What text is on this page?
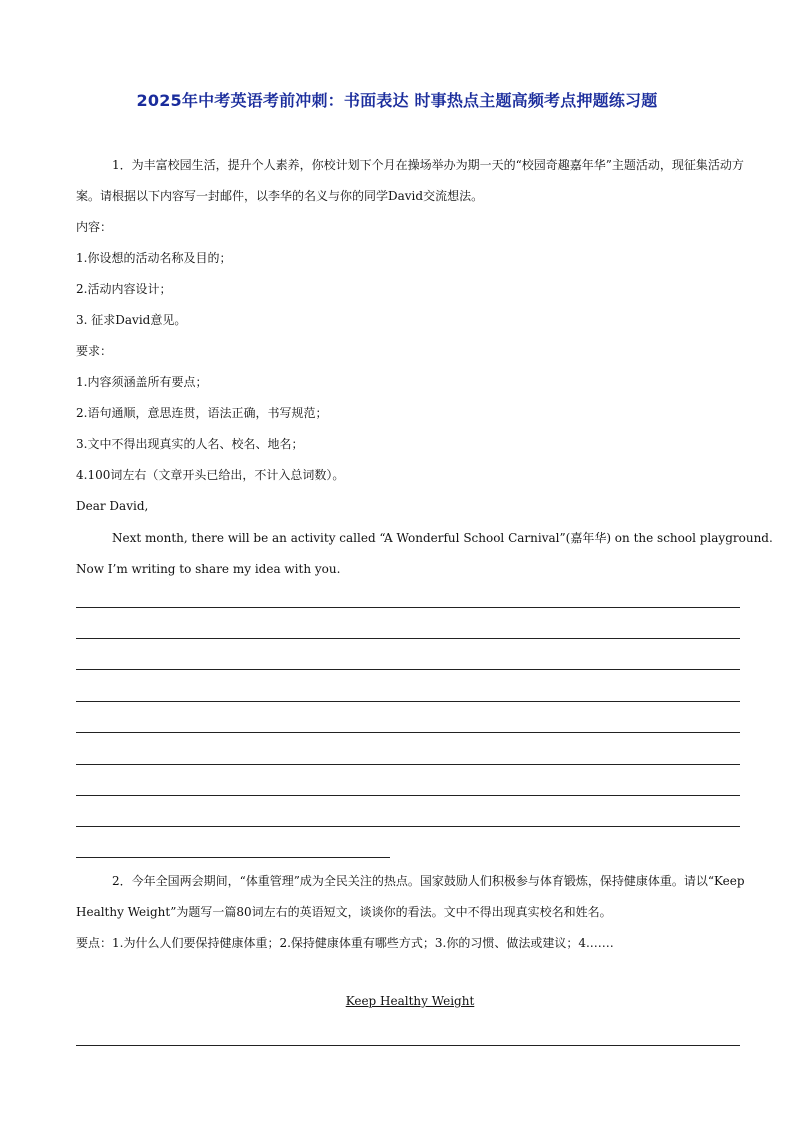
2025年中考英语考前冲刺：书面表达 时事热点主题高频考点押题练习题
1．为丰富校园生活，提升个人素养，你校计划下个月在操场举办为期一天的“校园奇趣嘉年华”主题活动，现征集活动方案。请根据以下内容写一封邮件，以李华的名义与你的同学David交流想法。
内容：
1.你设想的活动名称及目的；
2.活动内容设计；
3. 征求David意见。
要求：
1.内容须涵盖所有要点；
2.语句通顺，意思连贯，语法正确，书写规范；
3.文中不得出现真实的人名、校名、地名；
4.100词左右（文章开头已给出，不计入总词数）。
Dear David,
Next month, there will be an activity called “A Wonderful School Carnival”(嘉年华) on the school playground.
Now I’m writing to share my idea with you.
2．今年全国两会期间，“体重管理”成为全民关注的热点。国家鼓励人们积极参与体育锻炼，保持健康体重。请以“Keep Healthy Weight”为题写一篇80词左右的英语短文，谈谈你的看法。文中不得出现真实校名和姓名。
要点：1.为什么人们要保持健康体重；2.保持健康体重有哪些方式；3.你的习惯、做法或建议；4.……
Keep Healthy Weight
